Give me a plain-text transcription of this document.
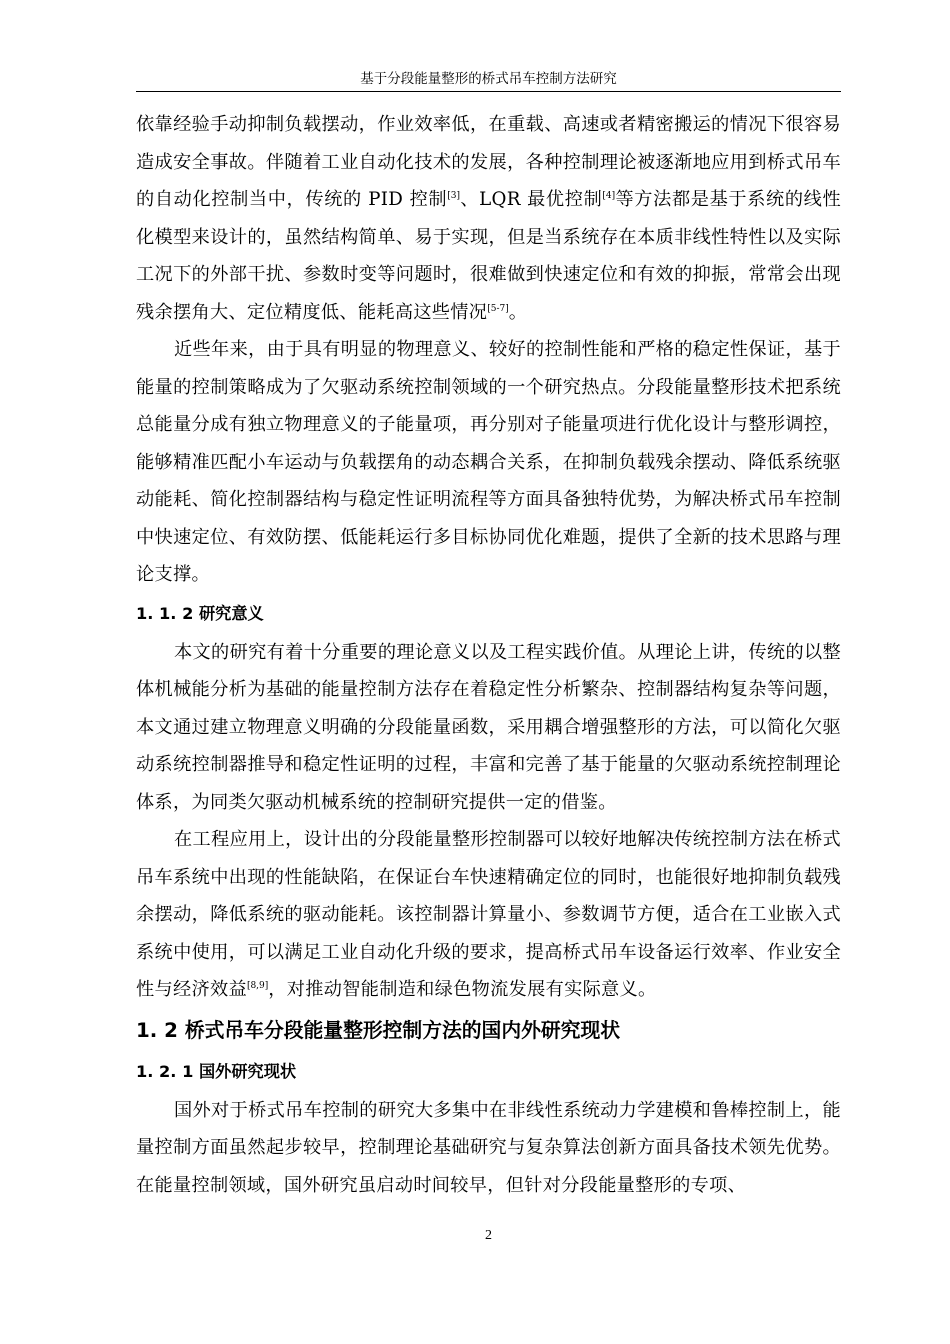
基于分段能量整形的桥式吊车控制方法研究

依靠经验手动抑制负载摆动，作业效率低，在重载、高速或者精密搬运的情况下很容易造成安全事故。伴随着工业自动化技术的发展，各种控制理论被逐渐地应用到桥式吊车的自动化控制当中，传统的 PID 控制[3]、LQR 最优控制[4]等方法都是基于系统的线性化模型来设计的，虽然结构简单、易于实现，但是当系统存在本质非线性特性以及实际工况下的外部干扰、参数时变等问题时，很难做到快速定位和有效的抑振，常常会出现残余摆角大、定位精度低、能耗高这些情况[5-7]。

近些年来，由于具有明显的物理意义、较好的控制性能和严格的稳定性保证，基于能量的控制策略成为了欠驱动系统控制领域的一个研究热点。分段能量整形技术把系统总能量分成有独立物理意义的子能量项，再分别对子能量项进行优化设计与整形调控，能够精准匹配小车运动与负载摆角的动态耦合关系，在抑制负载残余摆动、降低系统驱动能耗、简化控制器结构与稳定性证明流程等方面具备独特优势，为解决桥式吊车控制中快速定位、有效防摆、低能耗运行多目标协同优化难题，提供了全新的技术思路与理论支撑。

1. 1. 2 研究意义

本文的研究有着十分重要的理论意义以及工程实践价值。从理论上讲，传统的以整体机械能分析为基础的能量控制方法存在着稳定性分析繁杂、控制器结构复杂等问题，本文通过建立物理意义明确的分段能量函数，采用耦合增强整形的方法，可以简化欠驱动系统控制器推导和稳定性证明的过程，丰富和完善了基于能量的欠驱动系统控制理论体系，为同类欠驱动机械系统的控制研究提供一定的借鉴。

在工程应用上，设计出的分段能量整形控制器可以较好地解决传统控制方法在桥式吊车系统中出现的性能缺陷，在保证台车快速精确定位的同时，也能很好地抑制负载残余摆动，降低系统的驱动能耗。该控制器计算量小、参数调节方便，适合在工业嵌入式系统中使用，可以满足工业自动化升级的要求，提高桥式吊车设备运行效率、作业安全性与经济效益[8,9]，对推动智能制造和绿色物流发展有实际意义。

1. 2 桥式吊车分段能量整形控制方法的国内外研究现状
1. 2. 1 国外研究现状

国外对于桥式吊车控制的研究大多集中在非线性系统动力学建模和鲁棒控制上，能量控制方面虽然起步较早，控制理论基础研究与复杂算法创新方面具备技术领先优势。在能量控制领域，国外研究虽启动时间较早，但针对分段能量整形的专项、

2
